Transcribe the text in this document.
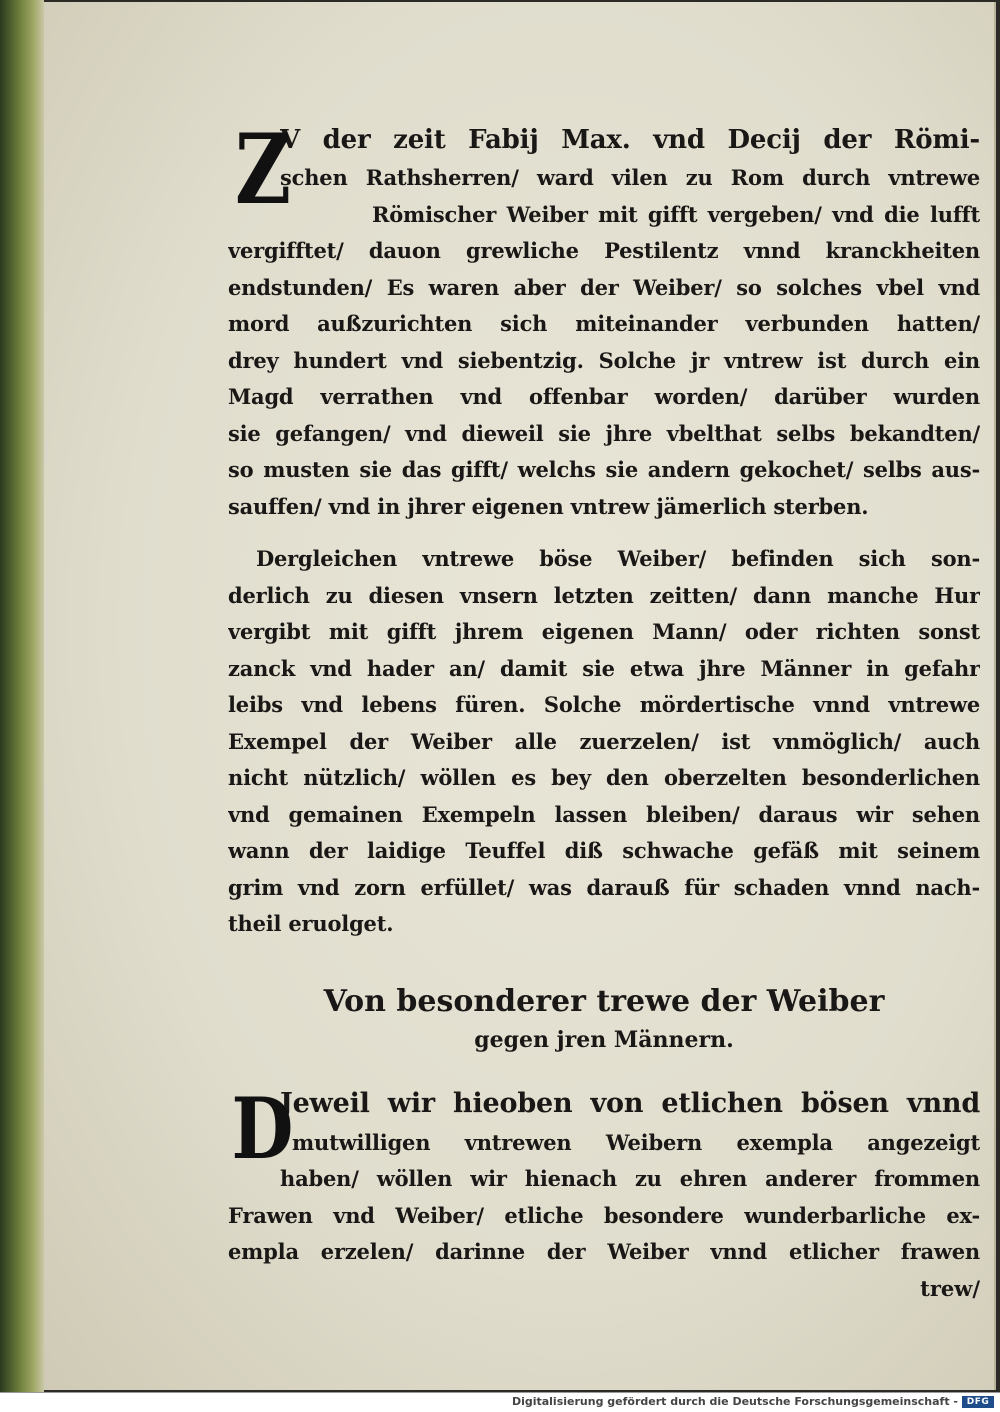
Z
V der zeit Fabij Max. vnd Decij der Römi-
schen Rathsherren/ ward vilen zu Rom durch vntrewe
Römischer Weiber mit gifft vergeben/ vnd die lufft
vergifftet/ dauon grewliche Pestilentz vnnd kranckheiten
endstunden/ Es waren aber der Weiber/ so solches vbel vnd
mord außzurichten sich miteinander verbunden hatten/
drey hundert vnd siebentzig. Solche jr vntrew ist durch ein
Magd verrathen vnd offenbar worden/ darüber wurden
sie gefangen/ vnd dieweil sie jhre vbelthat selbs bekandten/
so musten sie das gifft/ welchs sie andern gekochet/ selbs aus-
sauffen/ vnd in jhrer eigenen vntrew jämerlich sterben.
Dergleichen vntrewe böse Weiber/ befinden sich son-
derlich zu diesen vnsern letzten zeitten/ dann manche Hur
vergibt mit gifft jhrem eigenen Mann/ oder richten sonst
zanck vnd hader an/ damit sie etwa jhre Männer in gefahr
leibs vnd lebens füren. Solche mördertische vnnd vntrewe
Exempel der Weiber alle zuerzelen/ ist vnmöglich/ auch
nicht nützlich/ wöllen es bey den oberzelten besonderlichen
vnd gemainen Exempeln lassen bleiben/ daraus wir sehen
wann der laidige Teuffel diß schwache gefäß mit seinem
grim vnd zorn erfüllet/ was darauß für schaden vnnd nach-
theil eruolget.
Von besonderer trewe der Weiber
gegen jren Männern.
D
Jeweil wir hieoben von etlichen bösen vnnd
mutwilligen vntrewen Weibern exempla angezeigt
haben/ wöllen wir hienach zu ehren anderer frommen
Frawen vnd Weiber/ etliche besondere wunderbarliche ex-
empla erzelen/ darinne der Weiber vnnd etlicher frawen
trew/
Digitalisierung gefördert durch die Deutsche Forschungsgemeinschaft - DFG
